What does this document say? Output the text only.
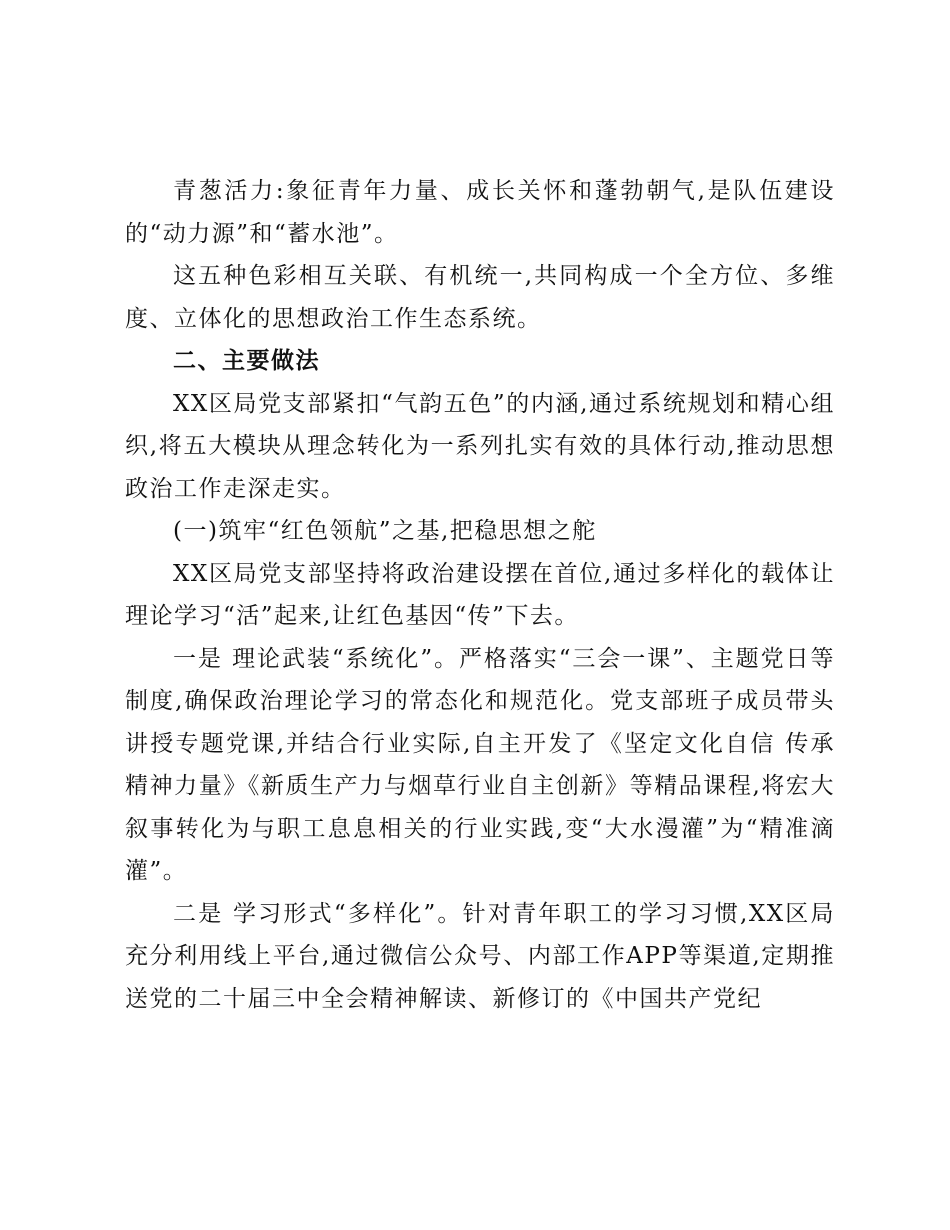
青葱活力:象征青年力量、成长关怀和蓬勃朝气,是队伍建设的“动力源”和“蓄水池”。

这五种色彩相互关联、有机统一,共同构成一个全方位、多维度、立体化的思想政治工作生态系统。

二、主要做法

XX区局党支部紧扣“气韵五色”的内涵,通过系统规划和精心组织,将五大模块从理念转化为一系列扎实有效的具体行动,推动思想政治工作走深走实。

(一)筑牢“红色领航”之基,把稳思想之舵

XX区局党支部坚持将政治建设摆在首位,通过多样化的载体让理论学习“活”起来,让红色基因“传”下去。

一是 理论武装“系统化”。严格落实“三会一课”、主题党日等制度,确保政治理论学习的常态化和规范化。党支部班子成员带头讲授专题党课,并结合行业实际,自主开发了《坚定文化自信 传承精神力量》《新质生产力与烟草行业自主创新》等精品课程,将宏大叙事转化为与职工息息相关的行业实践,变“大水漫灌”为“精准滴灌”。

二是 学习形式“多样化”。针对青年职工的学习习惯,XX区局充分利用线上平台,通过微信公众号、内部工作APP等渠道,定期推送党的二十届三中全会精神解读、新修订的《中国共产党纪
